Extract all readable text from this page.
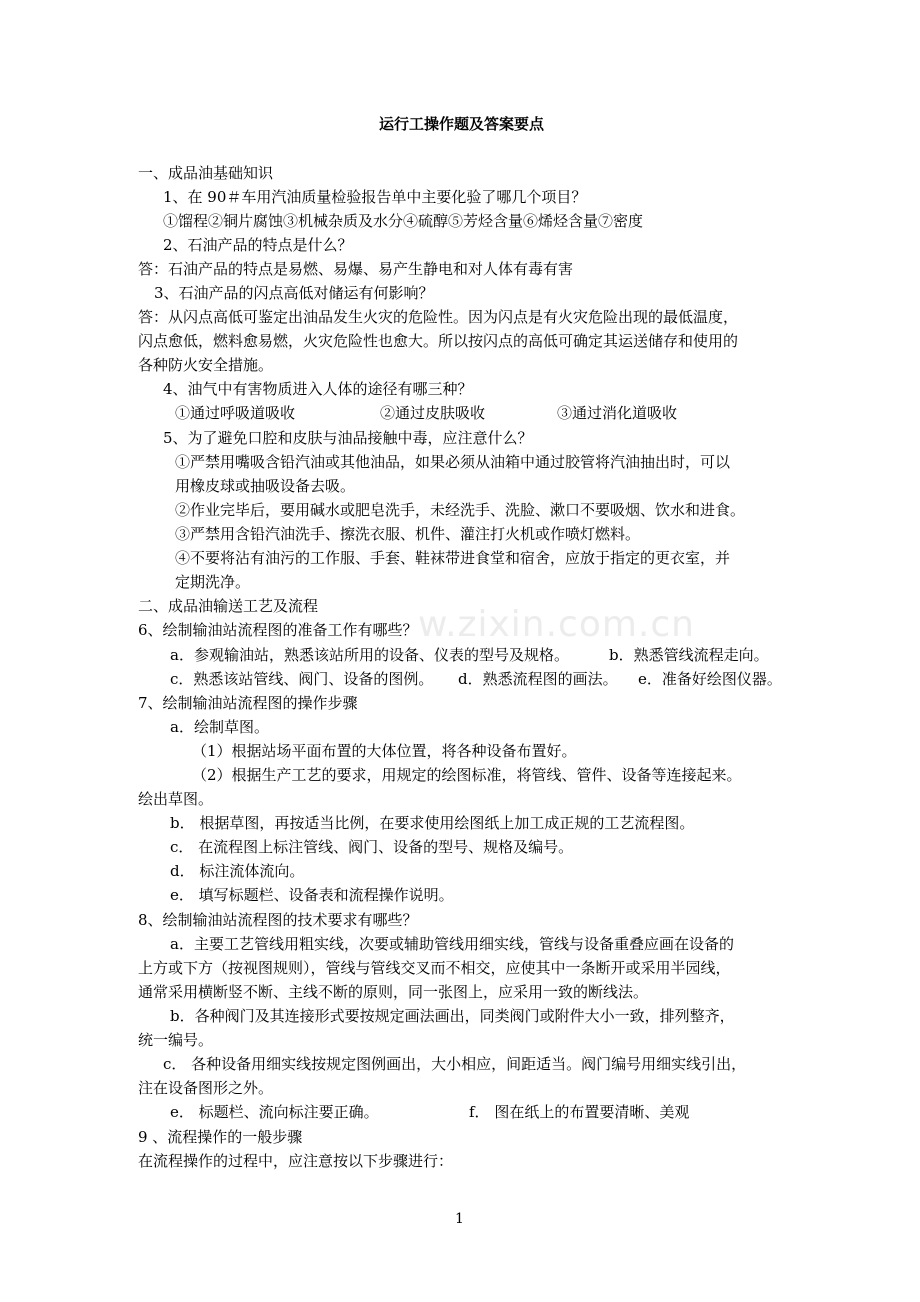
运行工操作题及答案要点
一、成品油基础知识
1、在 90＃车用汽油质量检验报告单中主要化验了哪几个项目？
①馏程②铜片腐蚀③机械杂质及水分④硫醇⑤芳烃含量⑥烯烃含量⑦密度
2、石油产品的特点是什么？
答：石油产品的特点是易燃、易爆、易产生静电和对人体有毒有害
3、石油产品的闪点高低对储运有何影响？
答：从闪点高低可鉴定出油品发生火灾的危险性。因为闪点是有火灾危险出现的最低温度，
闪点愈低，燃料愈易燃，火灾危险性也愈大。所以按闪点的高低可确定其运送储存和使用的
各种防火安全措施。
4、油气中有害物质进入人体的途径有哪三种？
①通过呼吸道吸收	②通过皮肤吸收	③通过消化道吸收
5、为了避免口腔和皮肤与油品接触中毒，应注意什么？
①严禁用嘴吸含铅汽油或其他油品，如果必须从油箱中通过胶管将汽油抽出时，可以
用橡皮球或抽吸设备去吸。
②作业完毕后，要用碱水或肥皂洗手，未经洗手、洗脸、漱口不要吸烟、饮水和进食。
③严禁用含铅汽油洗手、擦洗衣服、机件、灌注打火机或作喷灯燃料。
④不要将沾有油污的工作服、手套、鞋袜带进食堂和宿舍，应放于指定的更衣室，并
定期洗净。
w.zixin.com.cn
二、成品油输送工艺及流程
6、绘制输油站流程图的准备工作有哪些？
a．参观输油站，熟悉该站所用的设备、仪表的型号及规格。	b．熟悉管线流程走向。
c．熟悉该站管线、阀门、设备的图例。 d．熟悉流程图的画法。 e．准备好绘图仪器。
7、绘制输油站流程图的操作步骤
a．绘制草图。
（1）根据站场平面布置的大体位置，将各种设备布置好。
（2）根据生产工艺的要求，用规定的绘图标准，将管线、管件、设备等连接起来。
绘出草图。
b． 根据草图，再按适当比例，在要求使用绘图纸上加工成正规的工艺流程图。
c． 在流程图上标注管线、阀门、设备的型号、规格及编号。
d． 标注流体流向。
e． 填写标题栏、设备表和流程操作说明。
8、绘制输油站流程图的技术要求有哪些？
a．主要工艺管线用粗实线，次要或辅助管线用细实线，管线与设备重叠应画在设备的
上方或下方（按视图规则），管线与管线交叉而不相交，应使其中一条断开或采用半园线，
通常采用横断竖不断、主线不断的原则，同一张图上，应采用一致的断线法。
b．各种阀门及其连接形式要按规定画法画出，同类阀门或附件大小一致，排列整齐，
统一编号。
c． 各种设备用细实线按规定图例画出，大小相应，间距适当。阀门编号用细实线引出，
注在设备图形之外。
e． 标题栏、流向标注要正确。	f． 图在纸上的布置要清晰、美观
9 、流程操作的一般步骤
在流程操作的过程中，应注意按以下步骤进行：
1
